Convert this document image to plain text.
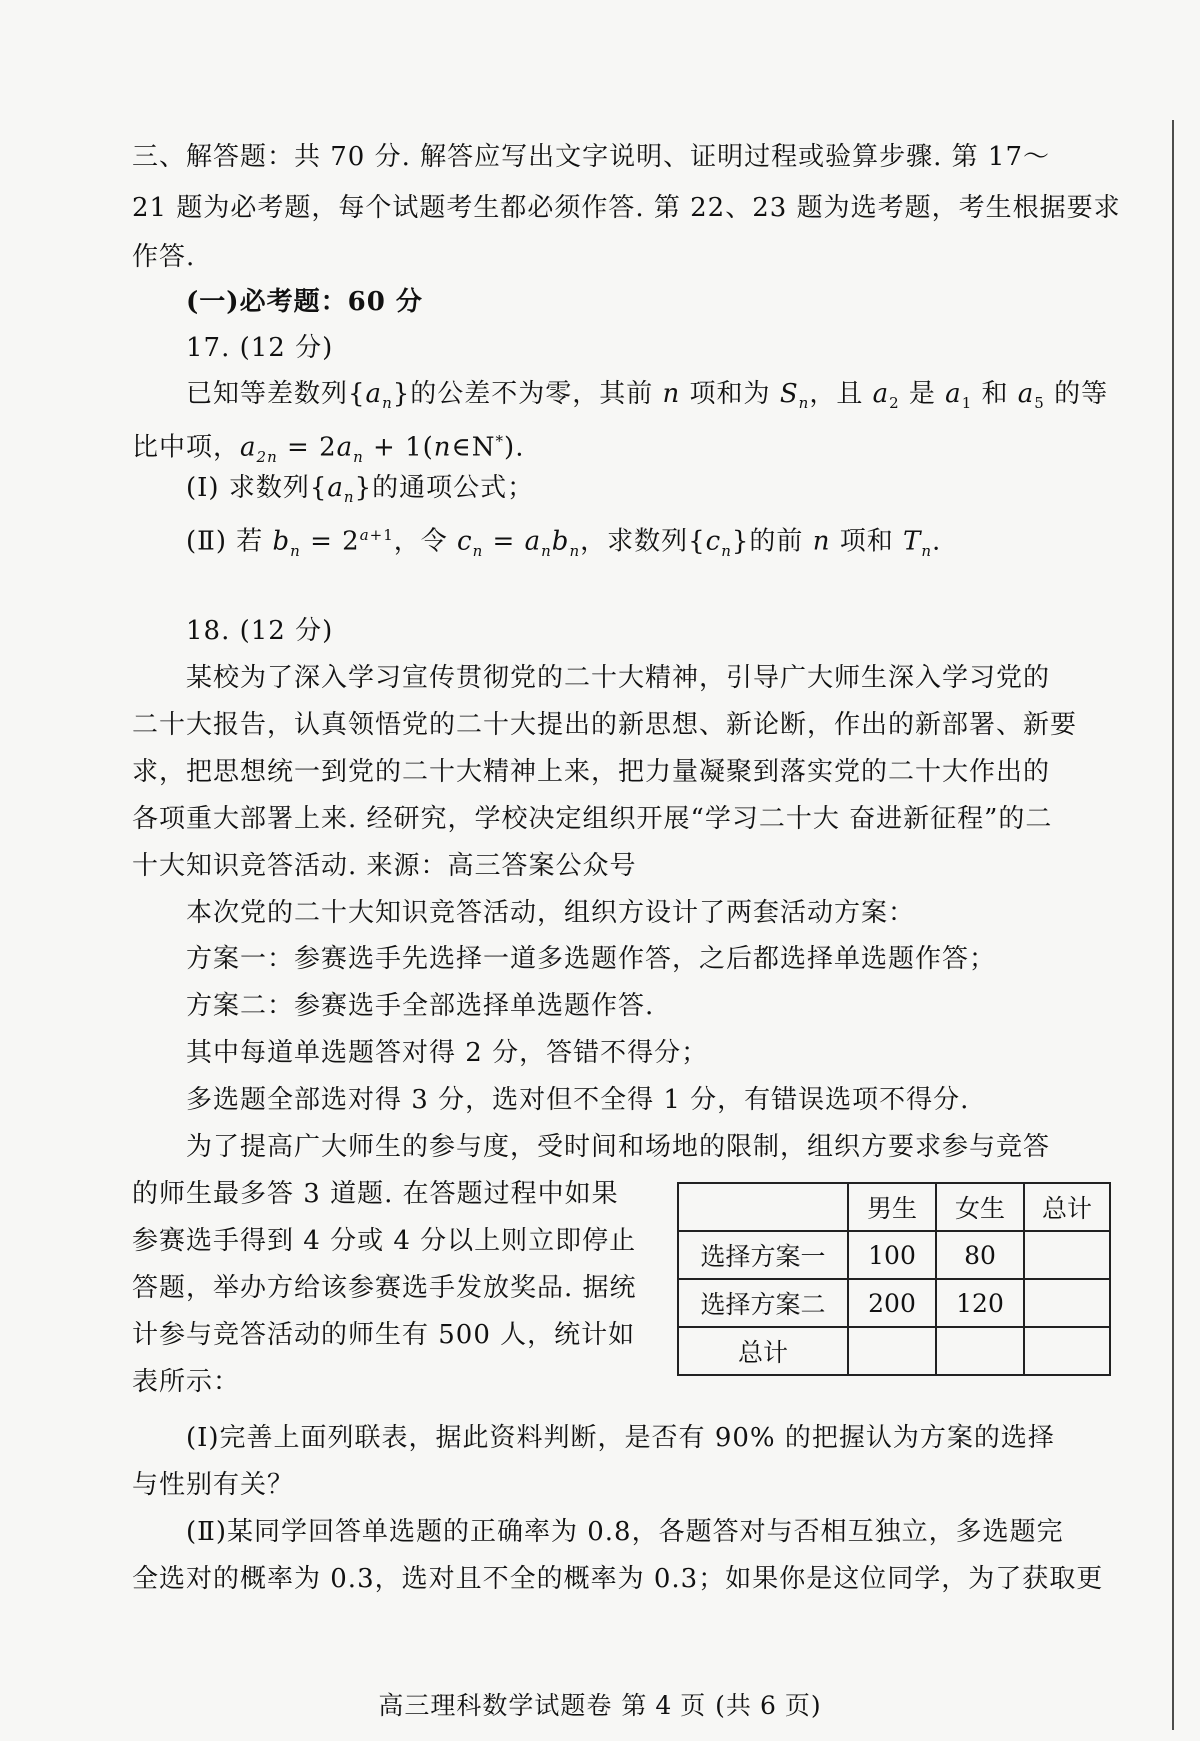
三、解答题：共 70 分. 解答应写出文字说明、证明过程或验算步骤. 第 17～
21 题为必考题，每个试题考生都必须作答. 第 22、23 题为选考题，考生根据要求
作答.
(一)必考题：60 分
17. (12 分)
已知等差数列$\{a_n\}$的公差不为零，其前 n 项和为 $S_n$，且 $a_2$ 是 $a_1$ 和 $a_5$ 的等
比中项，$a_{2n} = 2a_n$ + 1(n∈N*).
(Ⅰ) 求数列$\{a_n\}$的通项公式；
(Ⅱ) 若 $b_n = 2^{a+1}$，令 $c_n = a_nb_n$，求数列$\{c_n\}$的前 n 项和 $T_n$.
18. (12 分)
某校为了深入学习宣传贯彻党的二十大精神，引导广大师生深入学习党的
二十大报告，认真领悟党的二十大提出的新思想、新论断，作出的新部署、新要
求，把思想统一到党的二十大精神上来，把力量凝聚到落实党的二十大作出的
各项重大部署上来. 经研究，学校决定组织开展“学习二十大 奋进新征程”的二
十大知识竞答活动. 来源：高三答案公众号
本次党的二十大知识竞答活动，组织方设计了两套活动方案：
方案一：参赛选手先选择一道多选题作答，之后都选择单选题作答；
方案二：参赛选手全部选择单选题作答.
其中每道单选题答对得 2 分，答错不得分；
多选题全部选对得 3 分，选对但不全得 1 分，有错误选项不得分.
为了提高广大师生的参与度，受时间和场地的限制，组织方要求参与竞答
的师生最多答 3 道题. 在答题过程中如果
参赛选手得到 4 分或 4 分以上则立即停止
答题，举办方给该参赛选手发放奖品. 据统
计参与竞答活动的师生有 500 人，统计如
表所示：
	男生	女生	总计
选择方案一	100	80	
选择方案二	200	120	
总计			
(Ⅰ)完善上面列联表，据此资料判断，是否有 90% 的把握认为方案的选择
与性别有关？
(Ⅱ)某同学回答单选题的正确率为 0.8，各题答对与否相互独立，多选题完
全选对的概率为 0.3，选对且不全的概率为 0.3；如果你是这位同学，为了获取更
高三理科数学试题卷 第 4 页 (共 6 页)
